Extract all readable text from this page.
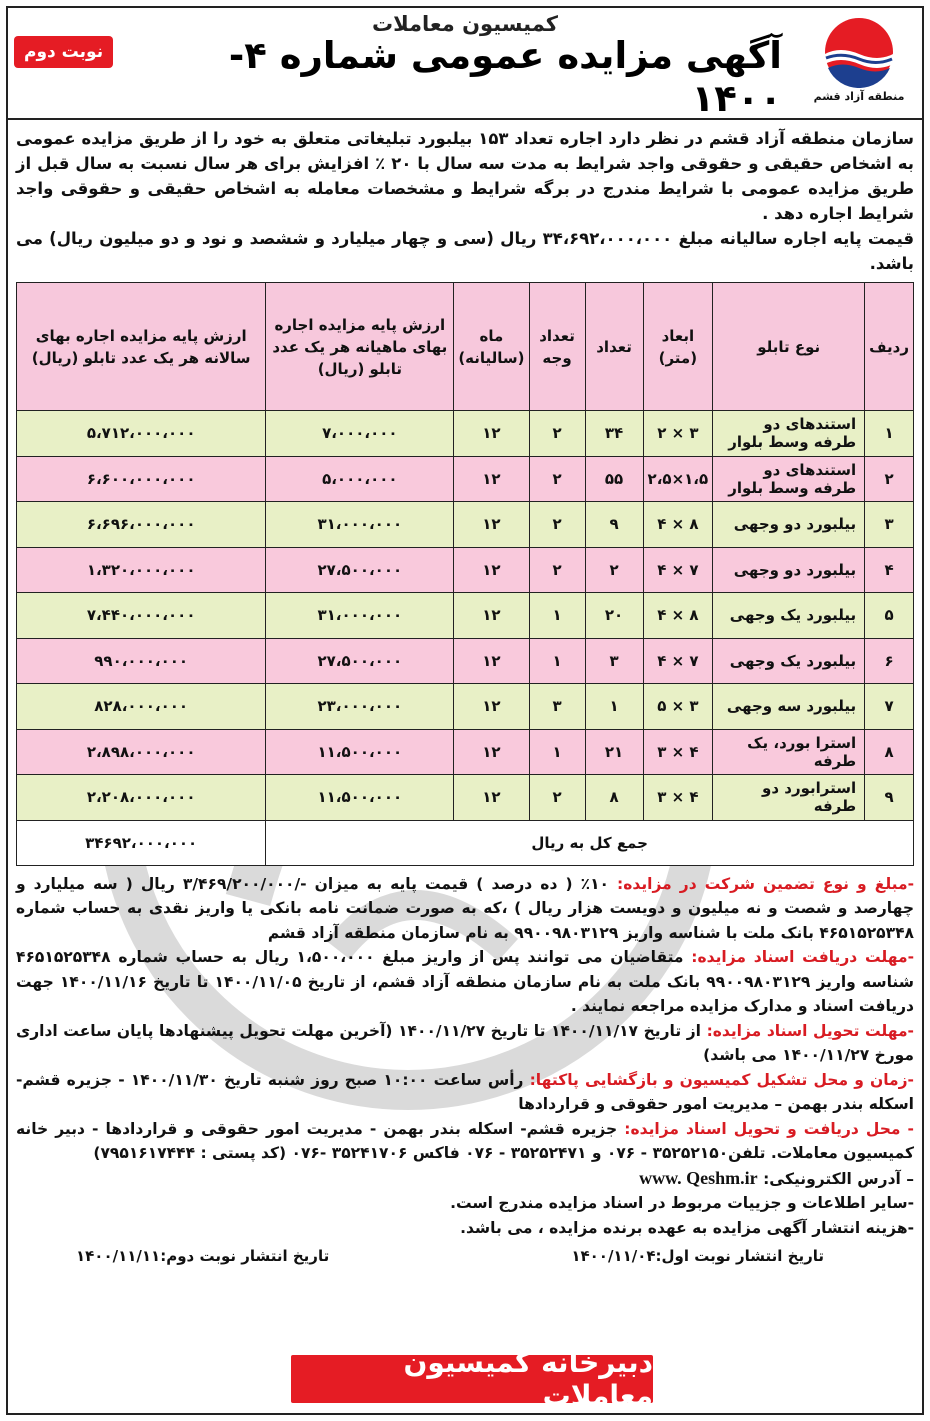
کمیسیون معاملات
منطقه آزاد قشم
آگهی مزایده عمومی شماره ۴- ۱۴۰۰
نوبت دوم

سازمان منطقه آزاد قشم در نظر دارد اجاره تعداد ۱۵۳ بیلبورد تبلیغاتی متعلق به خود را از طریق مزایده عمومی به اشخاص حقیقی و حقوقی واجد شرایط به مدت سه سال با ۲۰ ٪ افزایش برای هر سال نسبت به سال قبل از طریق مزایده عمومی با شرایط مندرج در برگه شرایط و مشخصات معامله به اشخاص حقیقی و حقوقی واجد شرایط اجاره دهد .

قیمت پایه اجاره سالیانه مبلغ ۳۴،۶۹۲،۰۰۰،۰۰۰ ریال (سی و چهار میلیارد و ششصد و نود و دو میلیون ریال) می باشد.

ردیف	نوع تابلو	ابعاد (متر)	تعداد	تعداد وجه	ماه (سالیانه)	ارزش پایه مزایده اجاره بهای ماهیانه هر یک عدد تابلو (ریال)	ارزش پایه مزایده اجاره بهای سالانه هر یک عدد تابلو (ریال)
۱	استندهای دو طرفه وسط بلوار	۳ × ۲	۳۴	۲	۱۲	۷،۰۰۰،۰۰۰	۵،۷۱۲،۰۰۰،۰۰۰
۲	استندهای دو طرفه وسط بلوار	۱،۵×۲،۵	۵۵	۲	۱۲	۵،۰۰۰،۰۰۰	۶،۶۰۰،۰۰۰،۰۰۰
۳	بیلبورد دو وجهی	۸ × ۴	۹	۲	۱۲	۳۱،۰۰۰،۰۰۰	۶،۶۹۶،۰۰۰،۰۰۰
۴	بیلبورد دو وجهی	۷ × ۴	۲	۲	۱۲	۲۷،۵۰۰،۰۰۰	۱،۳۲۰،۰۰۰،۰۰۰
۵	بیلبورد یک وجهی	۸ × ۴	۲۰	۱	۱۲	۳۱،۰۰۰،۰۰۰	۷،۴۴۰،۰۰۰،۰۰۰
۶	بیلبورد یک وجهی	۷ × ۴	۳	۱	۱۲	۲۷،۵۰۰،۰۰۰	۹۹۰،۰۰۰،۰۰۰
۷	بیلبورد سه وجهی	۳ × ۵	۱	۳	۱۲	۲۳،۰۰۰،۰۰۰	۸۲۸،۰۰۰،۰۰۰
۸	استرا بورد، یک طرفه	۴ × ۳	۲۱	۱	۱۲	۱۱،۵۰۰،۰۰۰	۲،۸۹۸،۰۰۰،۰۰۰
۹	استرابورد دو طرفه	۴ × ۳	۸	۲	۱۲	۱۱،۵۰۰،۰۰۰	۲،۲۰۸،۰۰۰،۰۰۰
جمع کل به ریال							۳۴۶۹۲،۰۰۰،۰۰۰
-مبلغ و نوع تضمین شرکت در مزایده: ۱۰٪ ( ده درصد ) قیمت پایه به میزان -/۳/۴۶۹/۲۰۰/۰۰۰ ریال ( سه میلیارد و چهارصد و شصت و نه میلیون و دویست هزار ریال ) ،که به صورت ضمانت نامه بانکی یا واریز نقدی به حساب شماره ۴۶۵۱۵۲۵۳۴۸ بانک ملت با شناسه واریز ۹۹۰۰۹۸۰۳۱۲۹ به نام سازمان منطقه آزاد قشم
-مهلت دریافت اسناد مزایده: متقاضیان می توانند پس از واریز مبلغ ۱،۵۰۰،۰۰۰ ریال به حساب شماره ۴۶۵۱۵۲۵۳۴۸ شناسه واریز ۹۹۰۰۹۸۰۳۱۲۹ بانک ملت به نام سازمان منطقه آزاد قشم، از تاریخ ۱۴۰۰/۱۱/۰۵ تا تاریخ ۱۴۰۰/۱۱/۱۶ جهت دریافت اسناد و مدارک مزایده مراجعه نمایند .
-مهلت تحویل اسناد مزایده: از تاریخ ۱۴۰۰/۱۱/۱۷ تا تاریخ ۱۴۰۰/۱۱/۲۷ (آخرین مهلت تحویل پیشنهادها پایان ساعت اداری مورخ ۱۴۰۰/۱۱/۲۷ می باشد)
-زمان و محل تشکیل کمیسیون و بازگشایی پاکتها: رأس ساعت ۱۰:۰۰ صبح روز شنبه تاریخ ۱۴۰۰/۱۱/۳۰ - جزیره قشم- اسکله بندر بهمن – مدیریت امور حقوقی و قراردادها
- محل دریافت و تحویل اسناد مزایده: جزیره قشم- اسکله بندر بهمن - مدیریت امور حقوقی و قراردادها - دبیر خانه کمیسیون معاملات. تلفن۳۵۲۵۲۱۵۰ - ۰۷۶ و ۳۵۲۵۲۴۷۱ - ۰۷۶ فاکس ۳۵۲۴۱۷۰۶ -۰۷۶ (کد پستی : ۷۹۵۱۶۱۷۴۴۴)
– آدرس الکترونیکی: www. Qeshm.ir
-سایر اطلاعات و جزییات مربوط در اسناد مزایده مندرج است.
-هزینه انتشار آگهی مزایده به عهده برنده مزایده ، می باشد.
تاریخ انتشار نوبت اول:۱۴۰۰/۱۱/۰۴
تاریخ انتشار نوبت دوم:۱۴۰۰/۱۱/۱۱
دبیرخانه کمیسیون معاملات
